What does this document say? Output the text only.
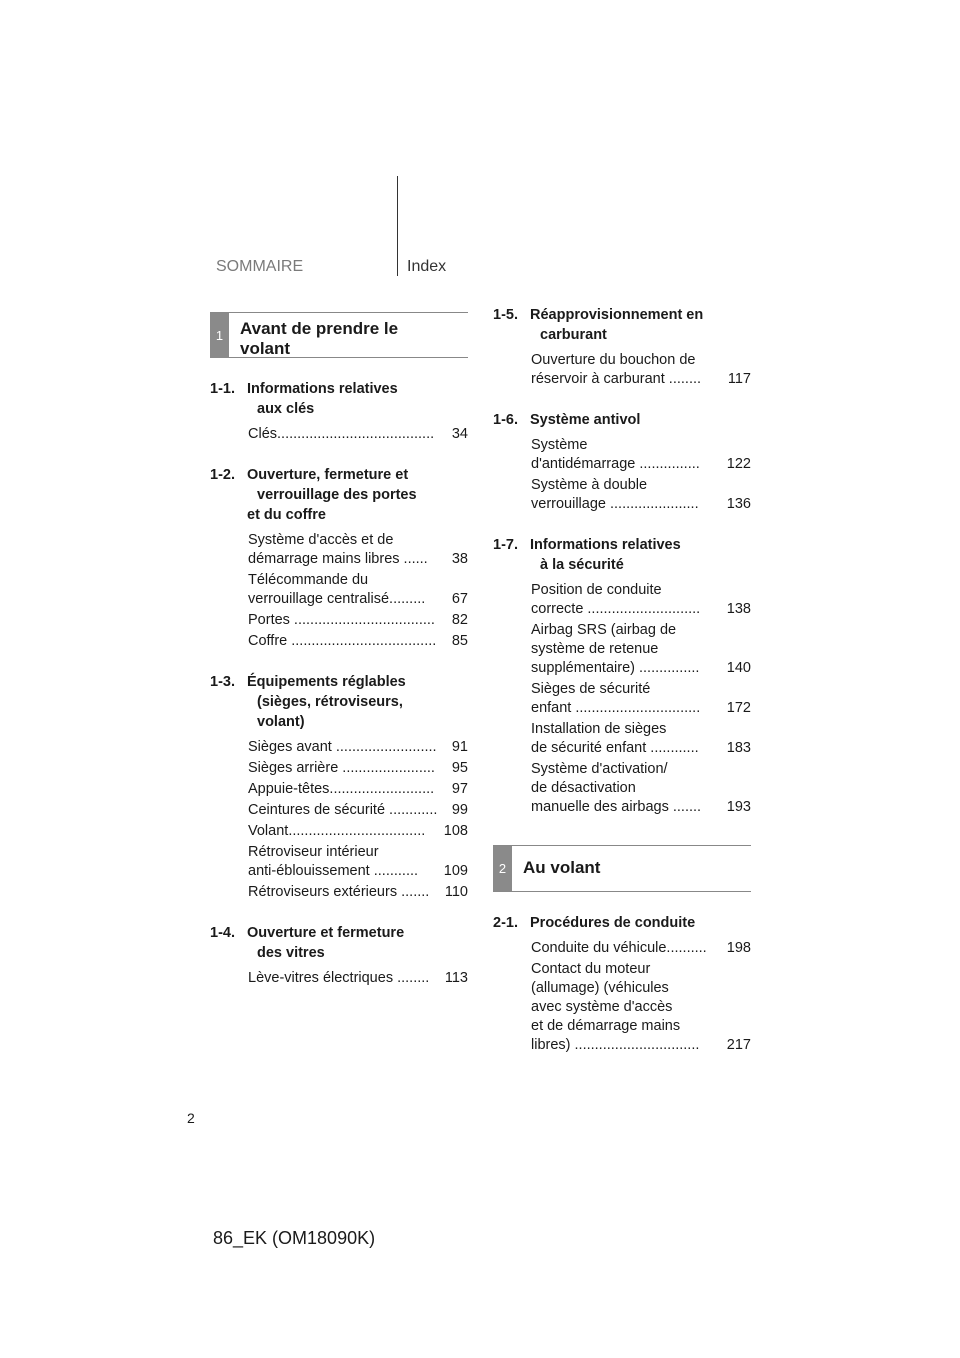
SOMMAIRE	Index
1 Avant de prendre le
volant
1-1. Informations relatives
aux clés
Clés.......................................	34
1-2. Ouverture, fermeture et
verrouillage des portes
et du coffre
Système d'accès et de
démarrage mains libres ......	38
Télécommande du
verrouillage centralisé.........	67
Portes ...................................	82
Coffre ....................................	85
1-3. Équipements réglables
(sièges, rétroviseurs,
volant)
Sièges avant .........................	91
Sièges arrière .......................	95
Appuie-têtes..........................	97
Ceintures de sécurité ............ 99
Volant..................................	108
Rétroviseur intérieur
anti-éblouissement ...........	109
Rétroviseurs extérieurs .......	110
1-4. Ouverture et fermeture
des vitres
Lève-vitres électriques ........	113
1-5. Réapprovisionnement en
carburant
Ouverture du bouchon de
réservoir à carburant ........	117
1-6. Système antivol
Système
d'antidémarrage ...............	122
Système à double
verrouillage ......................	136
1-7. Informations relatives
à la sécurité
Position de conduite
correcte ............................	138
Airbag SRS (airbag de
système de retenue
supplémentaire) ...............	140
Sièges de sécurité
enfant ...............................	172
Installation de sièges
de sécurité enfant ............	183
Système d'activation/
de désactivation
manuelle des airbags .......	193
2 Au volant
2-1. Procédures de conduite
Conduite du véhicule..........	198
Contact du moteur
(allumage) (véhicules
avec système d'accès
et de démarrage mains
libres) ...............................	217
2
86_EK (OM18090K)
